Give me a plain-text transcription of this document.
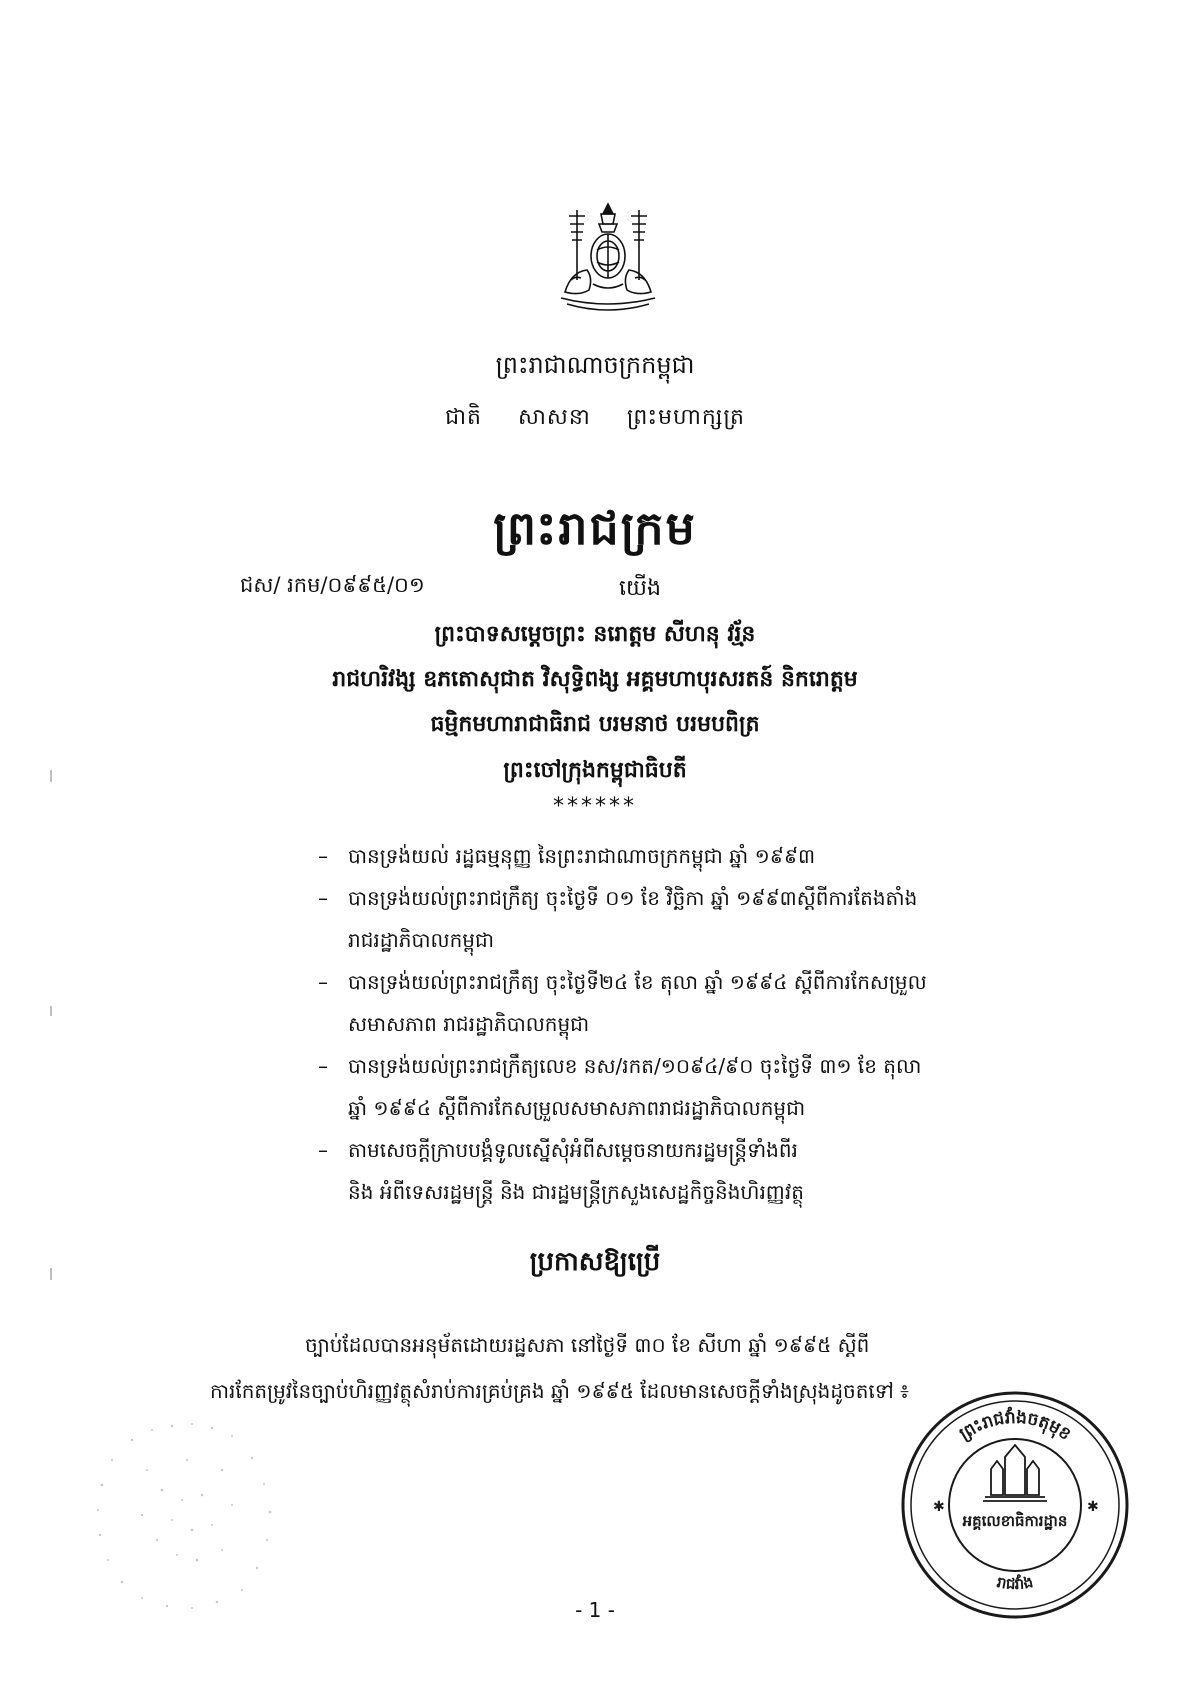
ព្រះរាជាណាចក្រកម្ពុជា
ជាតិ សាសនា ព្រះមហាក្សត្រ
ព្រះរាជក្រម
ជស/ រកម/០៩៩៥/០១	យើង
ព្រះបាទសម្ដេចព្រះ នរោត្ដម សីហនុ វរ្ម័ន
រាជហរិវង្ស ឧភតោសុជាត វិសុទ្ធិពង្ស អគ្គមហាបុរសរតន៍ និករោត្ដម
ធម្មិកមហារាជាធិរាជ បរមនាថ បរមបពិត្រ
ព្រះចៅក្រុងកម្ពុជាធិបតី
******
– បានទ្រង់យល់ រដ្ឋធម្មនុញ្ញ នៃព្រះរាជាណាចក្រកម្ពុជា ឆ្នាំ ១៩៩៣
– បានទ្រង់យល់ព្រះរាជក្រឹត្យ ចុះថ្ងៃទី ០១ ខែ វិច្ឆិកា ឆ្នាំ ១៩៩៣ស្ដីពីការតែងតាំង
រាជរដ្ឋាភិបាលកម្ពុជា
– បានទ្រង់យល់ព្រះរាជក្រឹត្យ ចុះថ្ងៃទី២៤ ខែ តុលា ឆ្នាំ ១៩៩៤ ស្ដីពីការកែសម្រួល
សមាសភាព រាជរដ្ឋាភិបាលកម្ពុជា
– បានទ្រង់យល់ព្រះរាជក្រឹត្យលេខ នស/រកត/១០៩៤/៩០ ចុះថ្ងៃទី ៣១ ខែ តុលា
ឆ្នាំ ១៩៩៤ ស្ដីពីការកែសម្រួលសមាសភាពរាជរដ្ឋាភិបាលកម្ពុជា
– តាមសេចក្ដីក្រាបបង្គំទូលស្នើសុំអំពីសម្ដេចនាយករដ្ឋមន្ត្រីទាំងពីរ
និង អំពីទេសរដ្ឋមន្ត្រី និង ជារដ្ឋមន្ត្រីក្រសួងសេដ្ឋកិច្ចនិងហិរញ្ញវត្ថុ
ប្រកាសឱ្យប្រើ
ច្បាប់ដែលបានអនុម័តដោយរដ្ឋសភា នៅថ្ងៃទី ៣០ ខែ សីហា ឆ្នាំ ១៩៩៥ ស្ដីពី
ការកែតម្រូវនៃច្បាប់ហិរញ្ញវត្ថុសំរាប់ការគ្រប់គ្រង ឆ្នាំ ១៩៩៥ ដែលមានសេចក្ដីទាំងស្រុងដូចតទៅ ៖
ព្រះរាជវាំងចតុមុខ
រាជវាំង
✱	✱
អគ្គលេខាធិការដ្ឋាន
- 1 -
